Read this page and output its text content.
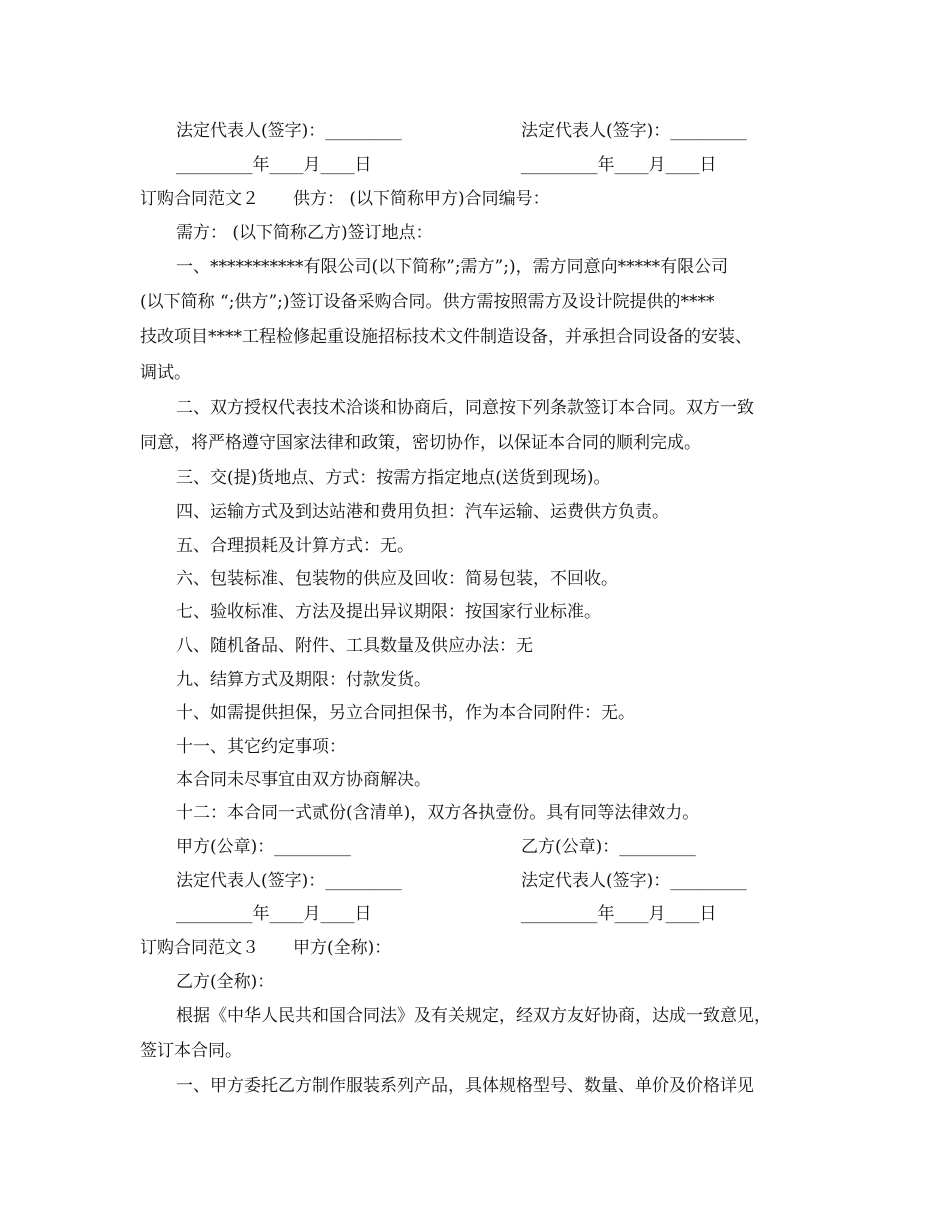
法定代表人(签字)：_________	法定代表人(签字)：_________
_________年____月____日	_________年____月____日
订购合同范文２ 供方： (以下简称甲方)合同编号：
需方： (以下简称乙方)签订地点：
一、***********有限公司(以下简称”;需方”;)，需方同意向*****有限公司
(以下简称 “;供方”;)签订设备采购合同。供方需按照需方及设计院提供的****
技改项目****工程检修起重设施招标技术文件制造设备，并承担合同设备的安装、
调试。
二、双方授权代表技术洽谈和协商后，同意按下列条款签订本合同。双方一致
同意，将严格遵守国家法律和政策，密切协作，以保证本合同的顺利完成。
三、交(提)货地点、方式：按需方指定地点(送货到现场)。
四、运输方式及到达站港和费用负担：汽车运输、运费供方负责。
五、合理损耗及计算方式：无。
六、包装标准、包装物的供应及回收：简易包装，不回收。
七、验收标准、方法及提出异议期限：按国家行业标准。
八、随机备品、附件、工具数量及供应办法：无
九、结算方式及期限：付款发货。
十、如需提供担保，另立合同担保书，作为本合同附件：无。
十一、其它约定事项：
本合同未尽事宜由双方协商解决。
十二：本合同一式贰份(含清单)，双方各执壹份。具有同等法律效力。
甲方(公章)：_________	乙方(公章)：_________
法定代表人(签字)：_________	法定代表人(签字)：_________
_________年____月____日	_________年____月____日
订购合同范文３ 甲方(全称)：
乙方(全称)：
根据《中华人民共和国合同法》及有关规定，经双方友好协商，达成一致意见，
签订本合同。
一、甲方委托乙方制作服装系列产品，具体规格型号、数量、单价及价格详见
